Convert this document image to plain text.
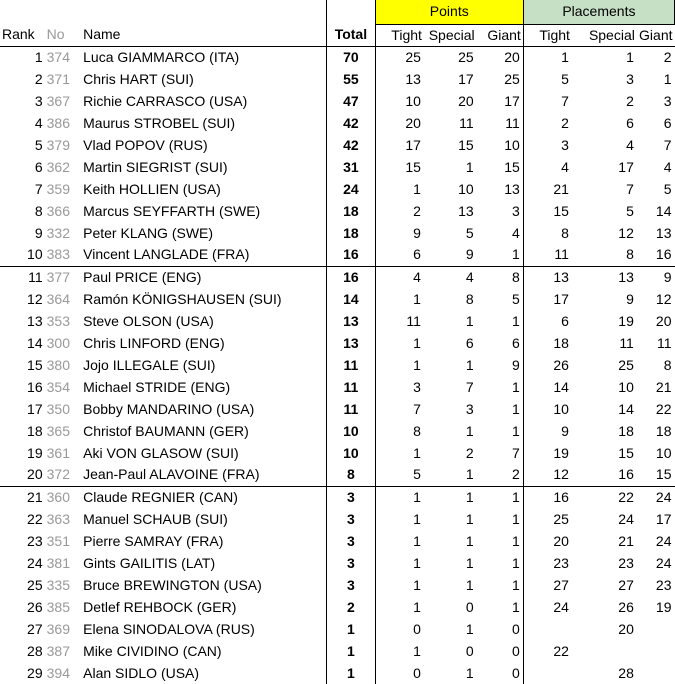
				Points			Placements		
Rank	No	Name	Total	Tight	Special	Giant	Tight	Special	Giant
1	374	Luca GIAMMARCO (ITA)	70	25	25	20	1	1	2
2	371	Chris HART (SUI)	55	13	17	25	5	3	1
3	367	Richie CARRASCO (USA)	47	10	20	17	7	2	3
4	386	Maurus STROBEL (SUI)	42	20	11	11	2	6	6
5	379	Vlad POPOV (RUS)	42	17	15	10	3	4	7
6	362	Martin SIEGRIST (SUI)	31	15	1	15	4	17	4
7	359	Keith HOLLIEN (USA)	24	1	10	13	21	7	5
8	366	Marcus SEYFFARTH (SWE)	18	2	13	3	15	5	14
9	332	Peter KLANG (SWE)	18	9	5	4	8	12	13
10	383	Vincent LANGLADE (FRA)	16	6	9	1	11	8	16
11	377	Paul PRICE (ENG)	16	4	4	8	13	13	9
12	364	Ramón KÖNIGSHAUSEN (SUI)	14	1	8	5	17	9	12
13	353	Steve OLSON (USA)	13	11	1	1	6	19	20
14	300	Chris LINFORD (ENG)	13	1	6	6	18	11	11
15	380	Jojo ILLEGALE (SUI)	11	1	1	9	26	25	8
16	354	Michael STRIDE (ENG)	11	3	7	1	14	10	21
17	350	Bobby MANDARINO (USA)	11	7	3	1	10	14	22
18	365	Christof BAUMANN (GER)	10	8	1	1	9	18	18
19	361	Aki VON GLASOW (SUI)	10	1	2	7	19	15	10
20	372	Jean-Paul ALAVOINE (FRA)	8	5	1	2	12	16	15
21	360	Claude REGNIER (CAN)	3	1	1	1	16	22	24
22	363	Manuel SCHAUB (SUI)	3	1	1	1	25	24	17
23	351	Pierre SAMRAY (FRA)	3	1	1	1	20	21	24
24	381	Gints GAILITIS (LAT)	3	1	1	1	23	23	24
25	335	Bruce BREWINGTON (USA)	3	1	1	1	27	27	23
26	385	Detlef REHBOCK (GER)	2	1	0	1	24	26	19
27	369	Elena SINODALOVA (RUS)	1	0	1	0		20	
28	387	Mike CIVIDINO (CAN)	1	1	0	0	22		
29	394	Alan SIDLO (USA)	1	0	1	0		28	
